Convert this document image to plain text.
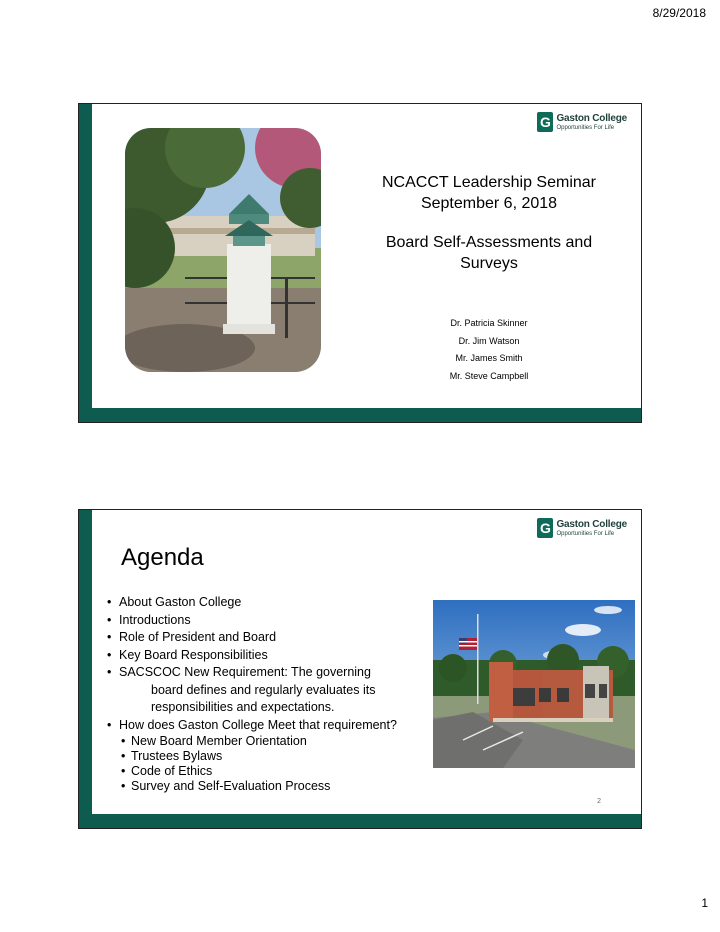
8/29/2018
G Gaston College
Opportunities For Life
NCACCT Leadership Seminar
September 6, 2018
Board Self-Assessments and
Surveys
Dr. Patricia Skinner
Dr. Jim Watson
Mr. James Smith
Mr. Steve Campbell
G Gaston College
Opportunities For Life
Agenda
• About Gaston College
• Introductions
• Role of President and Board
• Key Board Responsibilities
• SACSCOC New Requirement: The governing
board defines and regularly evaluates its
responsibilities and expectations.
• How does Gaston College Meet that requirement?
• New Board Member Orientation
• Trustees Bylaws
• Code of Ethics
• Survey and Self-Evaluation Process
2
1
